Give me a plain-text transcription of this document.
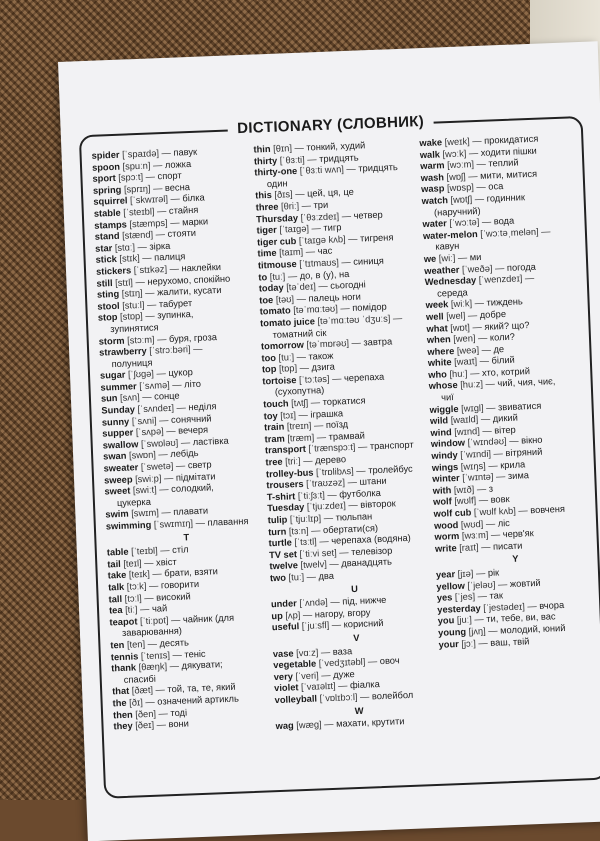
DICTIONARY (СЛОВНИК)
spider [ˈspaɪdə] — павук
spoon [spuːn] — ложка
sport [spɔːt] — спорт
spring [sprɪŋ] — весна
squirrel [ˈskwɪrəl] — білка
stable [ˈsteɪbl] — стайня
stamps [stæmps] — марки
stand [stænd] — стояти
star [stɑː] — зірка
stick [stɪk] — палиця
stickers [ˈstɪkəz] — наклейки
still [stɪl] — нерухомо, спокійно
sting [stɪŋ] — жалити, кусати
stool [stuːl] — табурет
stop [stɒp] — зупинка,
зупинятися
storm [stɔːm] — буря, гроза
strawberry [ˈstrɔːbəri] —
полуниця
sugar [ˈʃʊgə] — цукор
summer [ˈsʌmə] — літо
sun [sʌn] — сонце
Sunday [ˈsʌndeɪ] — неділя
sunny [ˈsʌni] — сонячний
supper [ˈsʌpə] — вечеря
swallow [ˈswɒləʊ] — ластівка
swan [swɒn] — лебідь
sweater [ˈswetə] — светр
sweep [swiːp] — підмітати
sweet [swiːt] — солодкий,
цукерка
swim [swɪm] — плавати
swimming [ˈswɪmɪŋ] — плавання
T
table [ˈteɪbl] — стіл
tail [teɪl] — хвіст
take [teɪk] — брати, взяти
talk [tɔːk] — говорити
tall [tɔːl] — високий
tea [tiː] — чай
teapot [ˈtiːpɒt] — чайник (для
заварювання)
ten [ten] — десять
tennis [ˈtenɪs] — теніс
thank [θæŋk] — дякувати;
спасибі
that [ðæt] — той, та, те, який
the [ðɪ] — означений артикль
then [ðen] — тоді
they [ðeɪ] — вони
thin [θɪn] — тонкий, худий
thirty [ˈθɜːti] — тридцять
thirty-one [ˈθɜːti wʌn] — тридцять
один
this [ðɪs] — цей, ця, це
three [θriː] — три
Thursday [ˈθɜːzdeɪ] — четвер
tiger [ˈtaɪgə] — тигр
tiger cub [ˈtaɪgə kʌb] — тигреня
time [taɪm] — час
titmouse [ˈtɪtmaʊs] — синиця
to [tuː] — до, в (у), на
today [təˈdeɪ] — сьогодні
toe [təʊ] — палець ноги
tomato [təˈmɑːtəʊ] — помідор
tomato juice [təˈmɑːtəʊ ˈdʒuːs] —
томатний сік
tomorrow [təˈmɒrəʊ] — завтра
too [tuː] — також
top [tɒp] — дзига
tortoise [ˈtɔːtəs] — черепаха
(сухопутна)
touch [tʌtʃ] — торкатися
toy [tɔɪ] — іграшка
train [treɪn] — поїзд
tram [træm] — трамвай
transport [ˈtrænspɔːt] — транспорт
tree [triː] — дерево
trolley-bus [ˈtrɒlibʌs] — тролейбус
trousers [ˈtraʊzəz] — штани
T-shirt [ˈtiːʃɜːt] — футболка
Tuesday [ˈtjuːzdeɪ] — вівторок
tulip [ˈtjuːlɪp] — тюльпан
turn [tɜːn] — обертати(ся)
turtle [ˈtɜːtl] — черепаха (водяна)
TV set [ˈtiːvi set] — телевізор
twelve [twelv] — дванадцять
two [tuː] — два
U
under [ˈʌndə] — під, нижче
up [ʌp] — нагору, вгору
useful [ˈjuːsfl] — корисний
V
vase [vɑːz] — ваза
vegetable [ˈvedʒɪtəbl] — овоч
very [ˈveri] — дуже
violet [ˈvaɪəlɪt] — фіалка
volleyball [ˈvɒlɪbɔːl] — волейбол
W
wag [wæg] — махати, крутити
wake [weɪk] — прокидатися
walk [wɔːk] — ходити пішки
warm [wɔːm] — теплий
wash [wɒʃ] — мити, митися
wasp [wɒsp] — оса
watch [wɒtʃ] — годинник
(наручний)
water [ˈwɔːtə] — вода
water-melon [ˈwɔːtəˌmelən] —
кавун
we [wiː] — ми
weather [ˈweðə] — погода
Wednesday [ˈwenzdeɪ] —
середа
week [wiːk] — тиждень
well [wel] — добре
what [wɒt] — який? що?
when [wen] — коли?
where [weə] — де
white [waɪt] — білий
who [huː] — хто, котрий
whose [huːz] — чий, чия, чиє,
чиї
wiggle [wɪgl] — звиватися
wild [waɪld] — дикий
wind [wɪnd] — вітер
window [ˈwɪndəʊ] — вікно
windy [ˈwɪndi] — вітряний
wings [wɪŋs] — крила
winter [ˈwɪntə] — зима
with [wɪð] — з
wolf [wʊlf] — вовк
wolf cub [ˈwʊlf kʌb] — вовченя
wood [wʊd] — ліс
worm [wɜːm] — черв'як
write [raɪt] — писати
Y
year [jɪə] — рік
yellow [ˈjeləʊ] — жовтий
yes [ˈjes] — так
yesterday [ˈjestədeɪ] — вчора
you [juː] — ти, тебе, ви, вас
young [jʌŋ] — молодий, юний
your [jɔː] — ваш, твій
